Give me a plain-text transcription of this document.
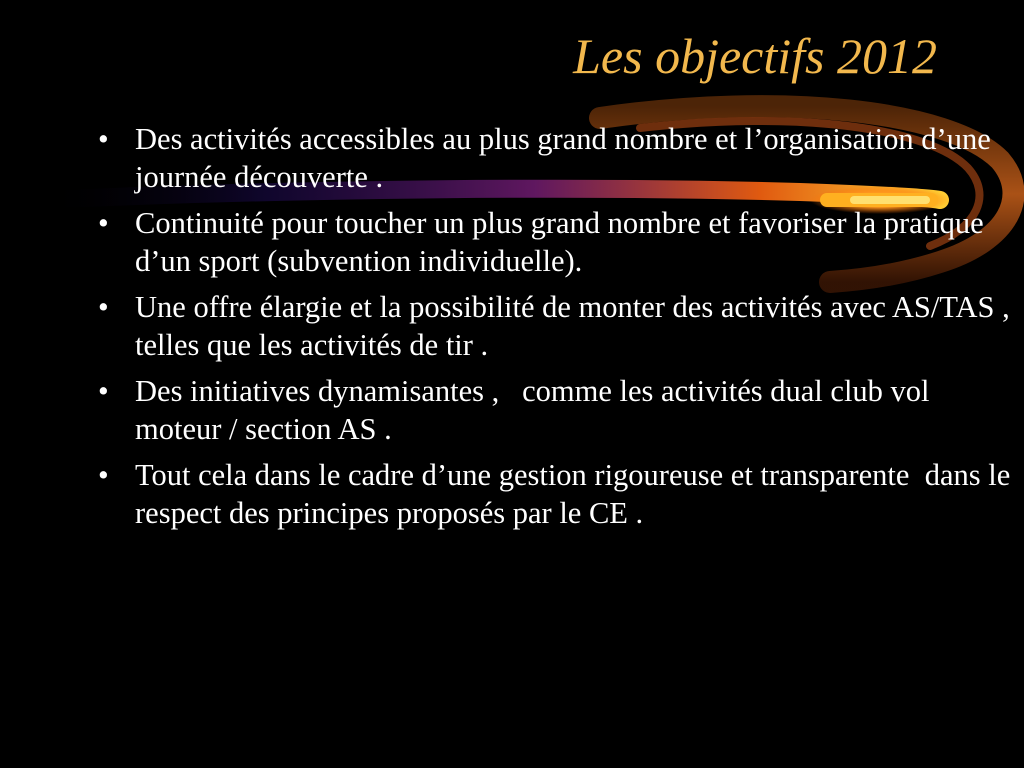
Les objectifs 2012
• Des activités accessibles au plus grand nombre et l’organisation d’une journée découverte .
• Continuité pour toucher un plus grand nombre et favoriser la pratique d’un sport (subvention individuelle).
• Une offre élargie et la possibilité de monter des activités avec AS/TAS , telles que les activités de tir .
• Des initiatives dynamisantes ,   comme les activités dual club vol moteur / section AS .
• Tout cela dans le cadre d’une gestion rigoureuse et transparente  dans le respect des principes proposés par le CE .
